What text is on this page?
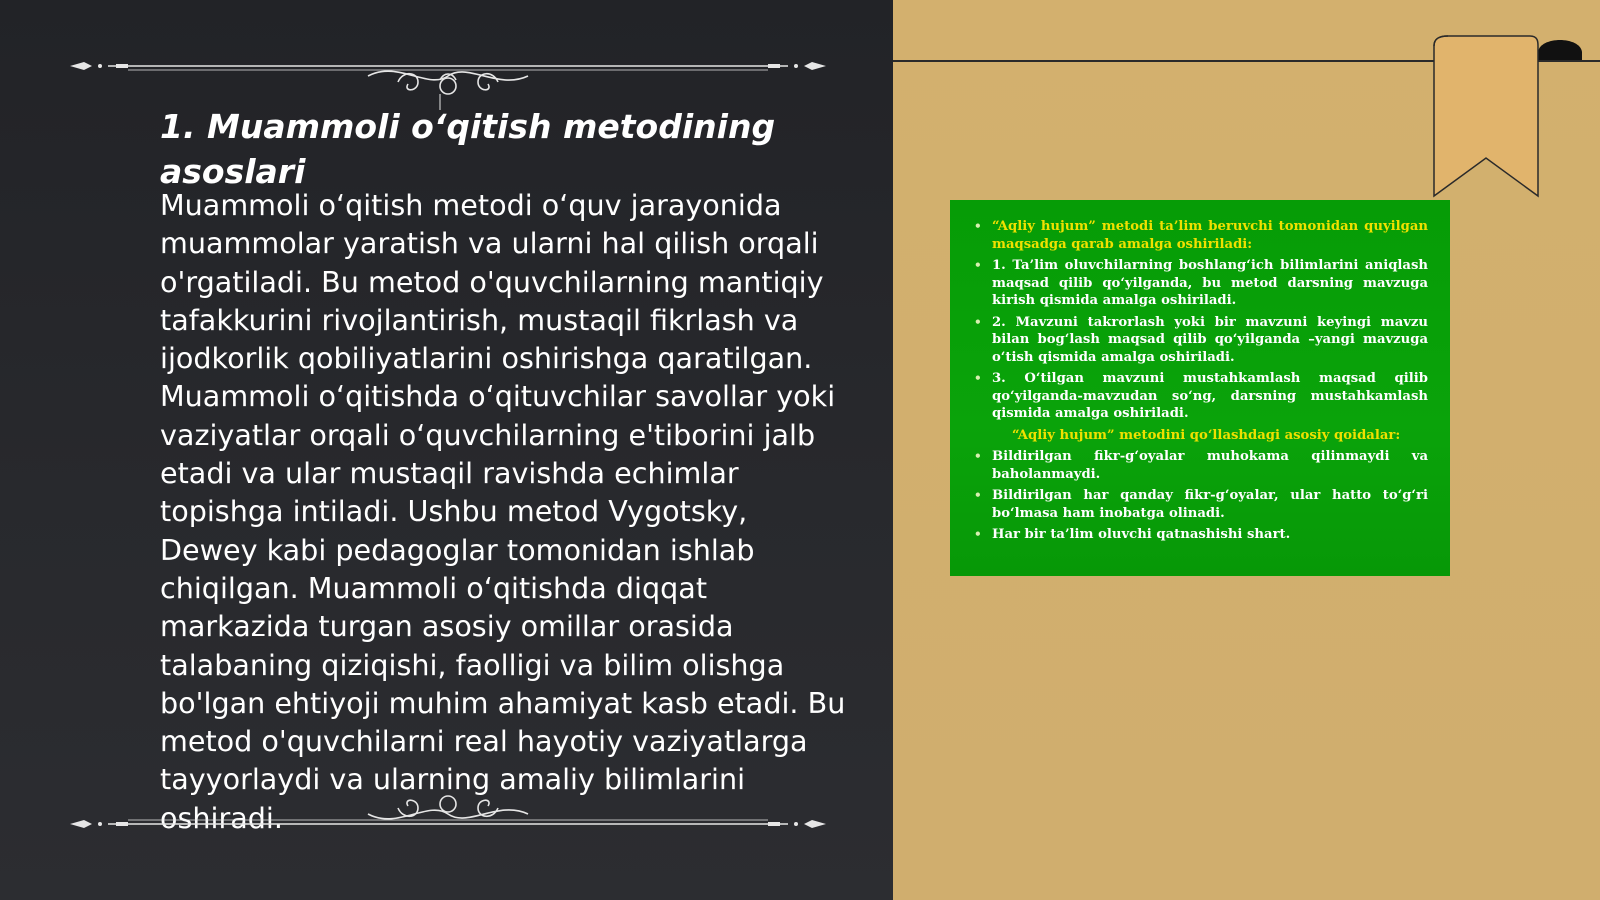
1. Muammoli o‘qitish metodining asoslari

Muammoli o‘qitish metodi o‘quv jarayonida muammolar yaratish va ularni hal qilish orqali o'rgatiladi. Bu metod o'quvchilarning mantiqiy tafakkurini rivojlantirish, mustaqil fikrlash va ijodkorlik qobiliyatlarini oshirishga qaratilgan. Muammoli o‘qitishda o‘qituvchilar savollar yoki vaziyatlar orqali o‘quvchilarning e'tiborini jalb etadi va ular mustaqil ravishda echimlar topishga intiladi. Ushbu metod Vygotsky, Dewey kabi pedagoglar tomonidan ishlab chiqilgan. Muammoli o‘qitishda diqqat markazida turgan asosiy omillar orasida talabaning qiziqishi, faolligi va bilim olishga bo'lgan ehtiyoji muhim ahamiyat kasb etadi. Bu metod o'quvchilarni real hayotiy vaziyatlarga tayyorlaydi va ularning amaliy bilimlarini oshiradi.

• “Aqliy hujum” metodi ta’lim beruvchi tomonidan quyilgan maqsadga qarab amalga oshiriladi:
• 1. Ta’lim oluvchilarning boshlang‘ich bilimlarini aniqlash maqsad qilib qo‘yilganda, bu metod darsning mavzuga kirish qismida amalga oshiriladi.
• 2. Mavzuni takrorlash yoki bir mavzuni keyingi mavzu bilan bog‘lash maqsad qilib qo‘yilganda –yangi mavzuga o‘tish qismida amalga oshiriladi.
• 3. O‘tilgan mavzuni mustahkamlash maqsad qilib qo‘yilganda-mavzudan so‘ng, darsning mustahkamlash qismida amalga oshiriladi.
“Aqliy hujum” metodini qo‘llashdagi asosiy qoidalar:
• Bildirilgan fikr-g‘oyalar muhokama qilinmaydi va baholanmaydi.
• Bildirilgan har qanday fikr-g‘oyalar, ular hatto to‘g‘ri bo‘lmasa ham inobatga olinadi.
• Har bir ta’lim oluvchi qatnashishi shart.
